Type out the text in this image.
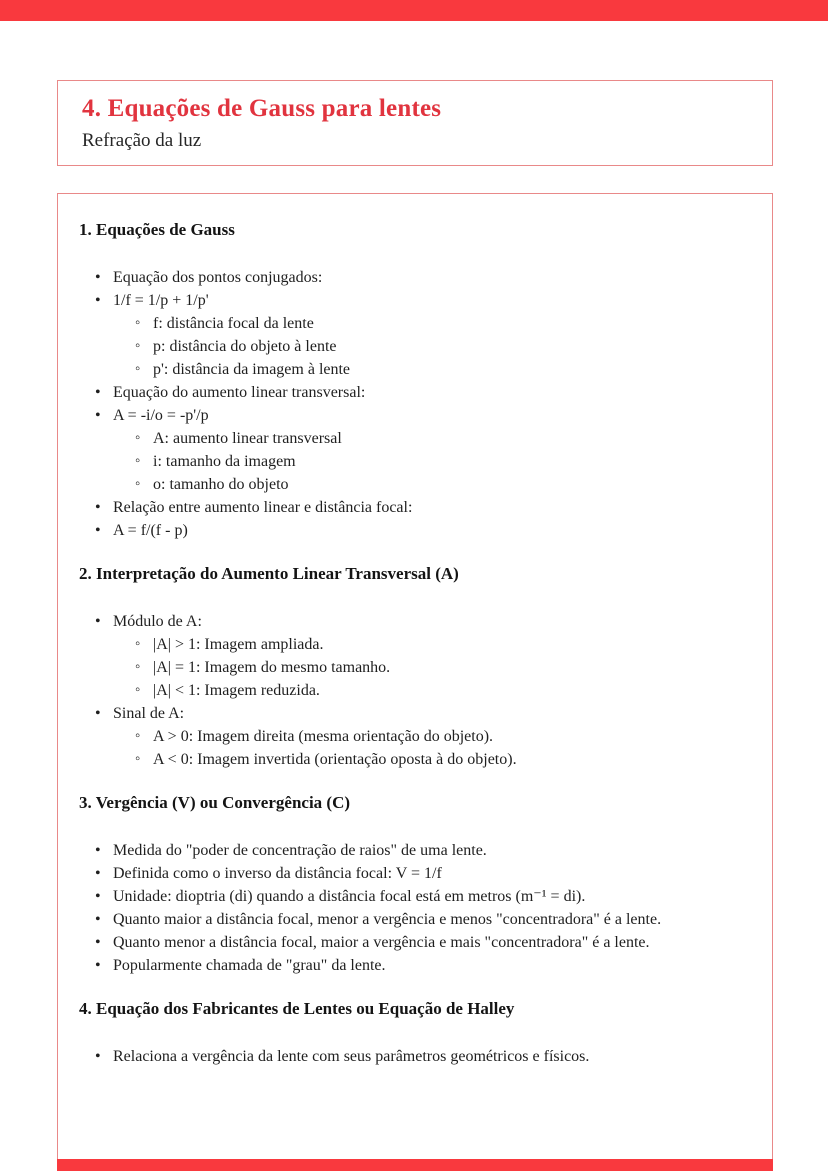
4. Equações de Gauss para lentes
Refração da luz
1. Equações de Gauss
• Equação dos pontos conjugados:
• 1/f = 1/p + 1/p'
◦ f: distância focal da lente
◦ p: distância do objeto à lente
◦ p': distância da imagem à lente
• Equação do aumento linear transversal:
• A = -i/o = -p'/p
◦ A: aumento linear transversal
◦ i: tamanho da imagem
◦ o: tamanho do objeto
• Relação entre aumento linear e distância focal:
• A = f/(f - p)
2. Interpretação do Aumento Linear Transversal (A)
• Módulo de A:
◦ |A| > 1: Imagem ampliada.
◦ |A| = 1: Imagem do mesmo tamanho.
◦ |A| < 1: Imagem reduzida.
• Sinal de A:
◦ A > 0: Imagem direita (mesma orientação do objeto).
◦ A < 0: Imagem invertida (orientação oposta à do objeto).
3. Vergência (V) ou Convergência (C)
• Medida do "poder de concentração de raios" de uma lente.
• Definida como o inverso da distância focal: V = 1/f
• Unidade: dioptria (di) quando a distância focal está em metros (m⁻¹ = di).
• Quanto maior a distância focal, menor a vergência e menos "concentradora" é a lente.
• Quanto menor a distância focal, maior a vergência e mais "concentradora" é a lente.
• Popularmente chamada de "grau" da lente.
4. Equação dos Fabricantes de Lentes ou Equação de Halley
• Relaciona a vergência da lente com seus parâmetros geométricos e físicos.
